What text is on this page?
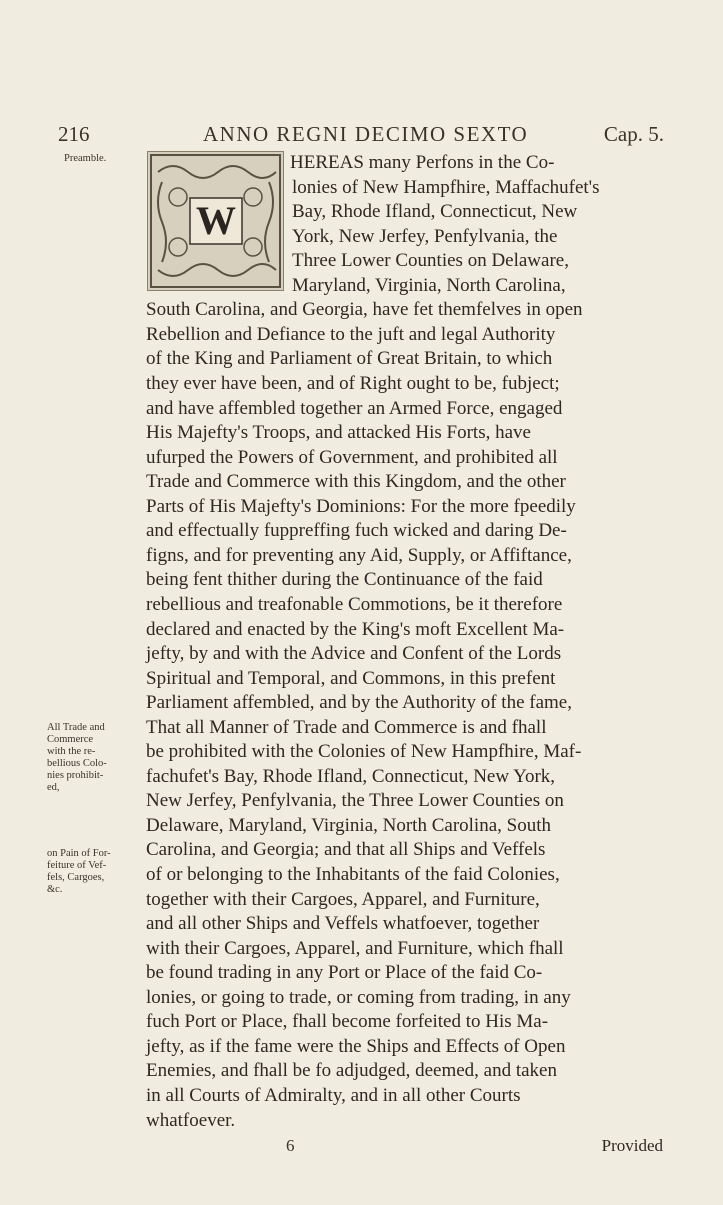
216	ANNO REGNI DECIMO SEXTO	Cap. 5.
Preamble.
All Trade and
Commerce
with the re-
bellious Colo-
nies prohibit-
ed,
on Pain of For-
feiture of Vef-
fels, Cargoes,
&c.
W
HEREAS many Perfons in the Co-
lonies of New Hampfhire, Maffachufet's
Bay, Rhode Ifland, Connecticut, New
York, New Jerfey, Penfylvania, the
Three Lower Counties on Delaware,
Maryland, Virginia, North Carolina,
South Carolina, and Georgia, have fet themfelves in open
Rebellion and Defiance to the juft and legal Authority
of the King and Parliament of Great Britain, to which
they ever have been, and of Right ought to be, fubject;
and have affembled together an Armed Force, engaged
His Majefty's Troops, and attacked His Forts, have
ufurped the Powers of Government, and prohibited all
Trade and Commerce with this Kingdom, and the other
Parts of His Majefty's Dominions: For the more fpeedily
and effectually fuppreffing fuch wicked and daring De-
figns, and for preventing any Aid, Supply, or Affiftance,
being fent thither during the Continuance of the faid
rebellious and treafonable Commotions, be it therefore
declared and enacted by the King's moft Excellent Ma-
jefty, by and with the Advice and Confent of the Lords
Spiritual and Temporal, and Commons, in this prefent
Parliament affembled, and by the Authority of the fame,
That all Manner of Trade and Commerce is and fhall
be prohibited with the Colonies of New Hampfhire, Maf-
fachufet's Bay, Rhode Ifland, Connecticut, New York,
New Jerfey, Penfylvania, the Three Lower Counties on
Delaware, Maryland, Virginia, North Carolina, South
Carolina, and Georgia; and that all Ships and Veffels
of or belonging to the Inhabitants of the faid Colonies,
together with their Cargoes, Apparel, and Furniture,
and all other Ships and Veffels whatfoever, together
with their Cargoes, Apparel, and Furniture, which fhall
be found trading in any Port or Place of the faid Co-
lonies, or going to trade, or coming from trading, in any
fuch Port or Place, fhall become forfeited to His Ma-
jefty, as if the fame were the Ships and Effects of Open
Enemies, and fhall be fo adjudged, deemed, and taken
in all Courts of Admiralty, and in all other Courts
whatfoever.
6	Provided
